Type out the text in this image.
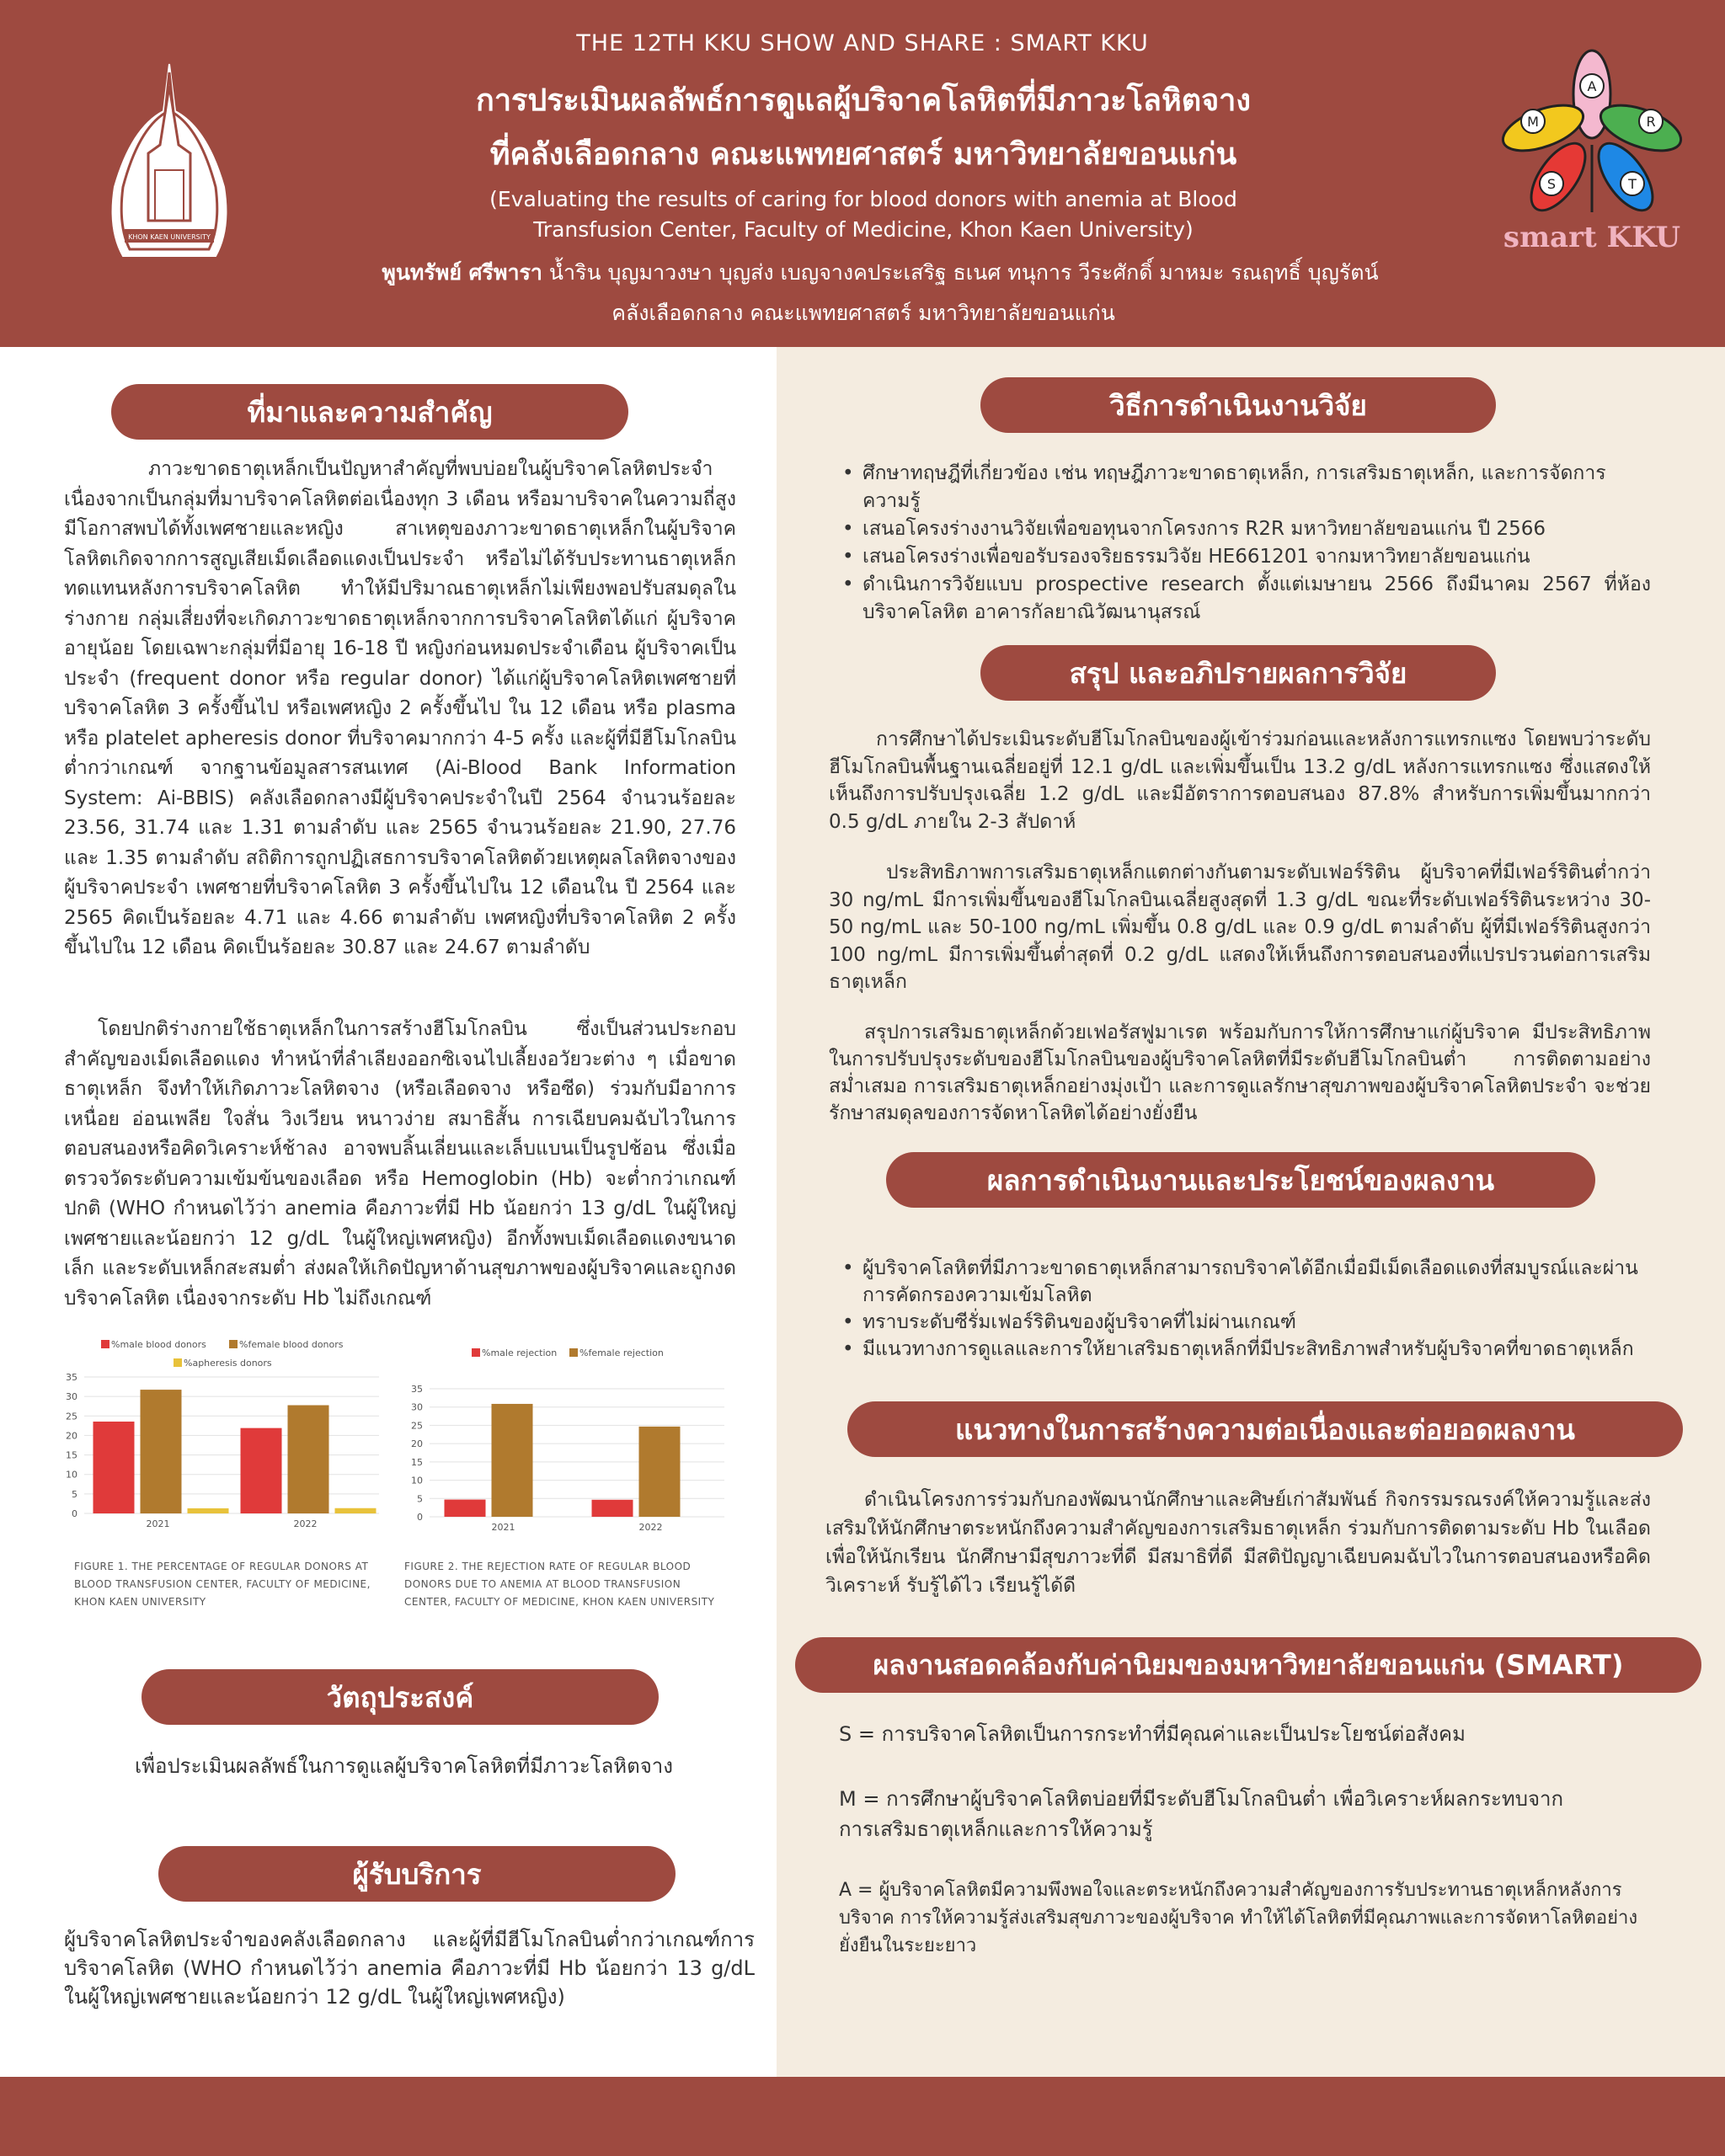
KHON KAEN UNIVERSITY
THE 12TH KKU SHOW AND SHARE : SMART KKU
การประเมินผลลัพธ์การดูแลผู้บริจาคโลหิตที่มีภาวะโลหิตจาง
ที่คลังเลือดกลาง คณะแพทยศาสตร์ มหาวิทยาลัยขอนแก่น
(Evaluating the results of caring for blood donors with anemia at Blood
Transfusion Center, Faculty of Medicine, Khon Kaen University)
พูนทรัพย์ ศรีพารา น้ำริน บุญมาวงษา บุญส่ง เบญจางคประเสริฐ ธเนศ ทนุการ วีระศักดิ์ มาหมะ รณฤทธิ์ บุญรัตน์
คลังเลือดกลาง คณะแพทยศาสตร์ มหาวิทยาลัยขอนแก่น
A
M	R
S	T
smart KKU
ที่มาและความสำคัญ
ภาวะขาดธาตุเหล็กเป็นปัญหาสำคัญที่พบบ่อยในผู้บริจาคโลหิตประจำ เนื่องจากเป็นกลุ่มที่มาบริจาคโลหิตต่อเนื่องทุก 3 เดือน หรือมาบริจาคในความถี่สูง มีโอกาสพบได้ทั้งเพศชายและหญิง สาเหตุของภาวะขาดธาตุเหล็กในผู้บริจาคโลหิตเกิดจากการสูญเสียเม็ดเลือดแดงเป็นประจำ หรือไม่ได้รับประทานธาตุเหล็กทดแทนหลังการบริจาคโลหิต ทำให้มีปริมาณธาตุเหล็กไม่เพียงพอปรับสมดุลในร่างกาย กลุ่มเสี่ยงที่จะเกิดภาวะขาดธาตุเหล็กจากการบริจาคโลหิตได้แก่ ผู้บริจาคอายุน้อย โดยเฉพาะกลุ่มที่มีอายุ 16-18 ปี หญิงก่อนหมดประจำเดือน ผู้บริจาคเป็นประจำ (frequent donor หรือ regular donor) ได้แก่ผู้บริจาคโลหิตเพศชายที่บริจาคโลหิต 3 ครั้งขึ้นไป หรือเพศหญิง 2 ครั้งขึ้นไป ใน 12 เดือน หรือ plasma หรือ platelet apheresis donor ที่บริจาคมากกว่า 4-5 ครั้ง และผู้ที่มีฮีโมโกลบินต่ำกว่าเกณฑ์ จากฐานข้อมูลสารสนเทศ (Ai-Blood Bank Information System: Ai-BBIS) คลังเลือดกลางมีผู้บริจาคประจำในปี 2564 จำนวนร้อยละ 23.56, 31.74 และ 1.31 ตามลำดับ และ 2565 จำนวนร้อยละ 21.90, 27.76 และ 1.35 ตามลำดับ สถิติการถูกปฏิเสธการบริจาคโลหิตด้วยเหตุผลโลหิตจางของผู้บริจาคประจำ เพศชายที่บริจาคโลหิต 3 ครั้งขึ้นไปใน 12 เดือนใน ปี 2564 และ 2565 คิดเป็นร้อยละ 4.71 และ 4.66 ตามลำดับ เพศหญิงที่บริจาคโลหิต 2 ครั้งขึ้นไปใน 12 เดือน คิดเป็นร้อยละ 30.87 และ 24.67 ตามลำดับ
โดยปกติร่างกายใช้ธาตุเหล็กในการสร้างฮีโมโกลบิน ซึ่งเป็นส่วนประกอบสำคัญของเม็ดเลือดแดง ทำหน้าที่ลำเลียงออกซิเจนไปเลี้ยงอวัยวะต่าง ๆ เมื่อขาดธาตุเหล็ก จึงทำให้เกิดภาวะโลหิตจาง (หรือเลือดจาง หรือซีด) ร่วมกับมีอาการ เหนื่อย อ่อนเพลีย ใจสั่น วิงเวียน หนาวง่าย สมาธิสั้น การเฉียบคมฉับไวในการตอบสนองหรือคิดวิเคราะห์ช้าลง อาจพบลิ้นเลี่ยนและเล็บแบนเป็นรูปช้อน ซึ่งเมื่อตรวจวัดระดับความเข้มข้นของเลือด หรือ Hemoglobin (Hb) จะต่ำกว่าเกณฑ์ปกติ (WHO กำหนดไว้ว่า anemia คือภาวะที่มี Hb น้อยกว่า 13 g/dL ในผู้ใหญ่เพศชายและน้อยกว่า 12 g/dL ในผู้ใหญ่เพศหญิง) อีกทั้งพบเม็ดเลือดแดงขนาดเล็ก และระดับเหล็กสะสมต่ำ ส่งผลให้เกิดปัญหาด้านสุขภาพของผู้บริจาคและถูกงดบริจาคโลหิต เนื่องจากระดับ Hb ไม่ถึงเกณฑ์
%male blood donors	%female blood donors
%apheresis donors
0
5
10
15
20
25
30
35
2021	2022
FIGURE 1. THE PERCENTAGE OF REGULAR DONORS AT BLOOD TRANSFUSION CENTER, FACULTY OF MEDICINE, KHON KAEN UNIVERSITY
%male rejection %female rejection
0
5
10
15
20
25
30
35
2021	2022
FIGURE 2. THE REJECTION RATE OF REGULAR BLOOD DONORS DUE TO ANEMIA AT BLOOD TRANSFUSION CENTER, FACULTY OF MEDICINE, KHON KAEN UNIVERSITY
วัตถุประสงค์
เพื่อประเมินผลลัพธ์ในการดูแลผู้บริจาคโลหิตที่มีภาวะโลหิตจาง
ผู้รับบริการ
ผู้บริจาคโลหิตประจำของคลังเลือดกลาง และผู้ที่มีฮีโมโกลบินต่ำกว่าเกณฑ์การบริจาคโลหิต (WHO กำหนดไว้ว่า anemia คือภาวะที่มี Hb น้อยกว่า 13 g/dL ในผู้ใหญ่เพศชายและน้อยกว่า 12 g/dL ในผู้ใหญ่เพศหญิง)
วิธีการดำเนินงานวิจัย
• ศึกษาทฤษฎีที่เกี่ยวข้อง เช่น ทฤษฎีภาวะขาดธาตุเหล็ก, การเสริมธาตุเหล็ก, และการจัดการความรู้
• เสนอโครงร่างงานวิจัยเพื่อขอทุนจากโครงการ R2R มหาวิทยาลัยขอนแก่น ปี 2566
• เสนอโครงร่างเพื่อขอรับรองจริยธรรมวิจัย HE661201 จากมหาวิทยาลัยขอนแก่น
• ดำเนินการวิจัยแบบ prospective research ตั้งแต่เมษายน 2566 ถึงมีนาคม 2567 ที่ห้องบริจาคโลหิต อาคารกัลยาณิวัฒนานุสรณ์
สรุป และอภิปรายผลการวิจัย
การศึกษาได้ประเมินระดับฮีโมโกลบินของผู้เข้าร่วมก่อนและหลังการแทรกแซง โดยพบว่าระดับฮีโมโกลบินพื้นฐานเฉลี่ยอยู่ที่ 12.1 g/dL และเพิ่มขึ้นเป็น 13.2 g/dL หลังการแทรกแซง ซึ่งแสดงให้เห็นถึงการปรับปรุงเฉลี่ย 1.2 g/dL และมีอัตราการตอบสนอง 87.8% สำหรับการเพิ่มขึ้นมากกว่า 0.5 g/dL ภายใน 2-3 สัปดาห์
ประสิทธิภาพการเสริมธาตุเหล็กแตกต่างกันตามระดับเฟอร์ริติน ผู้บริจาคที่มีเฟอร์ริตินต่ำกว่า 30 ng/mL มีการเพิ่มขึ้นของฮีโมโกลบินเฉลี่ยสูงสุดที่ 1.3 g/dL ขณะที่ระดับเฟอร์ริตินระหว่าง 30-50 ng/mL และ 50-100 ng/mL เพิ่มขึ้น 0.8 g/dL และ 0.9 g/dL ตามลำดับ ผู้ที่มีเฟอร์ริตินสูงกว่า 100 ng/mL มีการเพิ่มขึ้นต่ำสุดที่ 0.2 g/dL แสดงให้เห็นถึงการตอบสนองที่แปรปรวนต่อการเสริมธาตุเหล็ก
สรุปการเสริมธาตุเหล็กด้วยเฟอรัสฟูมาเรต พร้อมกับการให้การศึกษาแก่ผู้บริจาค มีประสิทธิภาพในการปรับปรุงระดับของฮีโมโกลบินของผู้บริจาคโลหิตที่มีระดับฮีโมโกลบินต่ำ การติดตามอย่างสม่ำเสมอ การเสริมธาตุเหล็กอย่างมุ่งเป้า และการดูแลรักษาสุขภาพของผู้บริจาคโลหิตประจำ จะช่วยรักษาสมดุลของการจัดหาโลหิตได้อย่างยั่งยืน
ผลการดำเนินงานและประโยชน์ของผลงาน
• ผู้บริจาคโลหิตที่มีภาวะขาดธาตุเหล็กสามารถบริจาคได้อีกเมื่อมีเม็ดเลือดแดงที่สมบูรณ์และผ่านการคัดกรองความเข้มโลหิต
• ทราบระดับซีรั่มเฟอร์ริตินของผู้บริจาคที่ไม่ผ่านเกณฑ์
• มีแนวทางการดูแลและการให้ยาเสริมธาตุเหล็กที่มีประสิทธิภาพสำหรับผู้บริจาคที่ขาดธาตุเหล็ก
แนวทางในการสร้างความต่อเนื่องและต่อยอดผลงาน
ดำเนินโครงการร่วมกับกองพัฒนานักศึกษาและศิษย์เก่าสัมพันธ์ กิจกรรมรณรงค์ให้ความรู้และส่งเสริมให้นักศึกษาตระหนักถึงความสำคัญของการเสริมธาตุเหล็ก ร่วมกับการติดตามระดับ Hb ในเลือด เพื่อให้นักเรียน นักศึกษามีสุขภาวะที่ดี มีสมาธิที่ดี มีสติปัญญาเฉียบคมฉับไวในการตอบสนองหรือคิดวิเคราะห์ รับรู้ได้ไว เรียนรู้ได้ดี
ผลงานสอดคล้องกับค่านิยมของมหาวิทยาลัยขอนแก่น (SMART)
S = การบริจาคโลหิตเป็นการกระทำที่มีคุณค่าและเป็นประโยชน์ต่อสังคม
M = การศึกษาผู้บริจาคโลหิตบ่อยที่มีระดับฮีโมโกลบินต่ำ เพื่อวิเคราะห์ผลกระทบจากการเสริมธาตุเหล็กและการให้ความรู้
A = ผู้บริจาคโลหิตมีความพึงพอใจและตระหนักถึงความสำคัญของการรับประทานธาตุเหล็กหลังการบริจาค การให้ความรู้ส่งเสริมสุขภาวะของผู้บริจาค ทำให้ได้โลหิตที่มีคุณภาพและการจัดหาโลหิตอย่างยั่งยืนในระยะยาว
